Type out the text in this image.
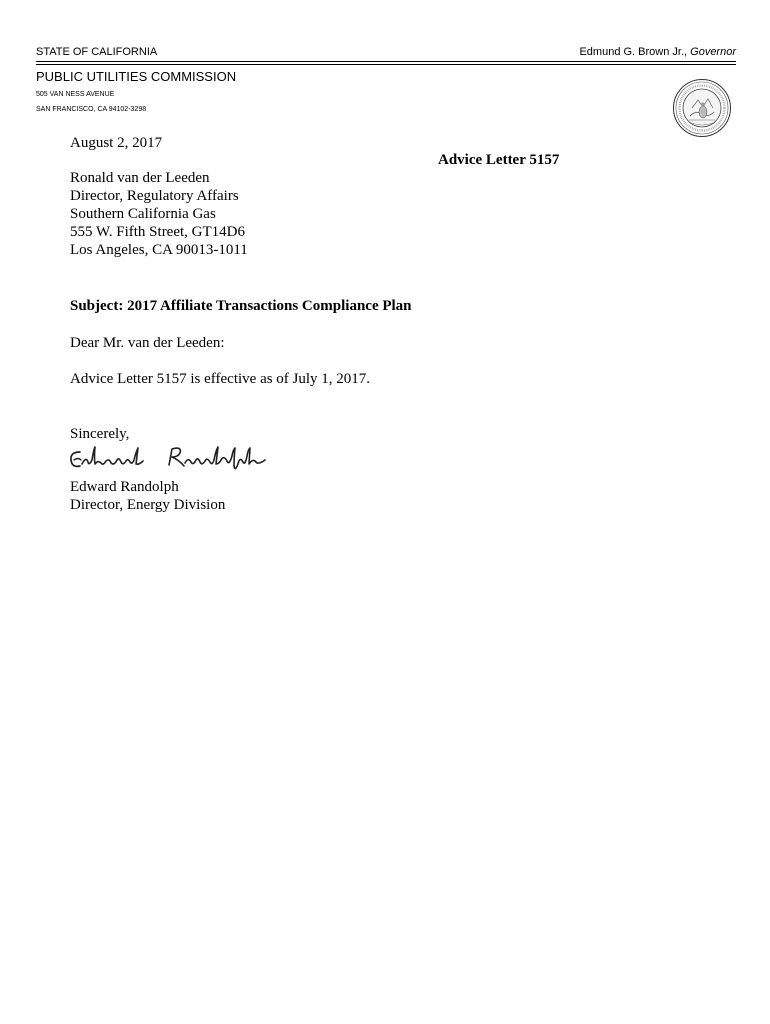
STATE OF CALIFORNIA	Edmund G. Brown Jr., Governor
PUBLIC UTILITIES COMMISSION
505 VAN NESS AVENUE
SAN FRANCISCO, CA 94102-3298
August 2, 2017
Advice Letter 5157
Ronald van der Leeden
Director, Regulatory Affairs
Southern California Gas
555 W. Fifth Street, GT14D6
Los Angeles, CA 90013-1011
Subject: 2017 Affiliate Transactions Compliance Plan
Dear Mr. van der Leeden:
Advice Letter 5157 is effective as of July 1, 2017.
Sincerely,
Edward Randolph
Director, Energy Division
